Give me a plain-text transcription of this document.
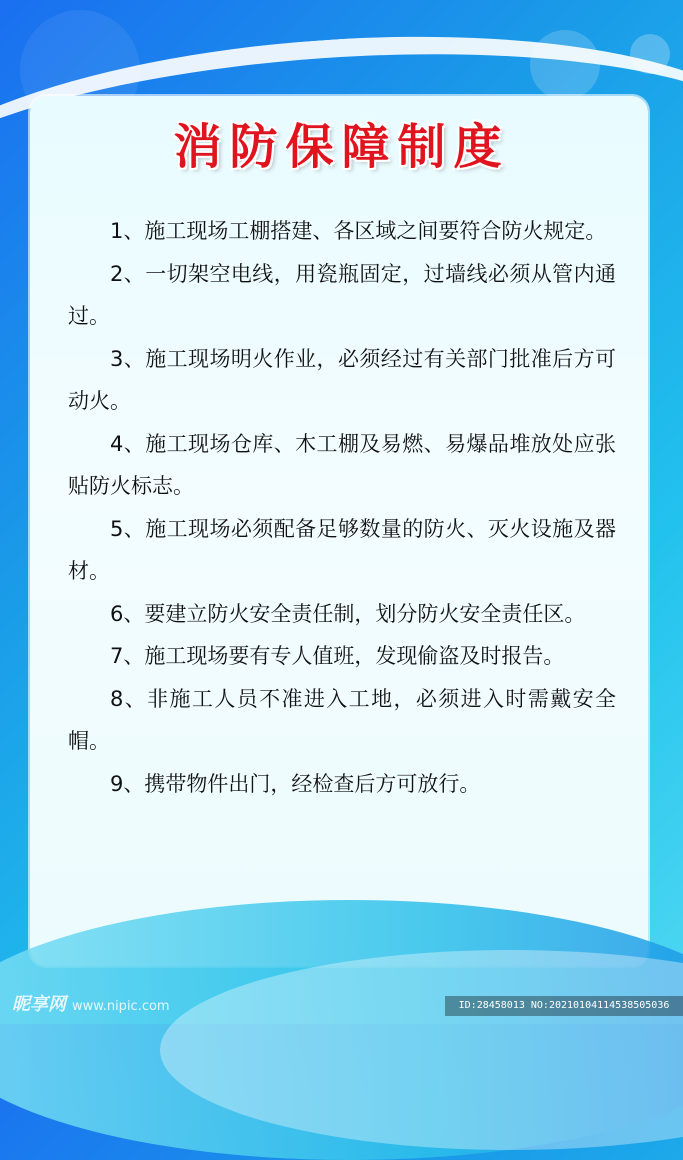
消防保障制度
1、施工现场工棚搭建、各区域之间要符合防火规定。
2、一切架空电线，用瓷瓶固定，过墙线必须从管内通过。
3、施工现场明火作业，必须经过有关部门批准后方可动火。
4、施工现场仓库、木工棚及易燃、易爆品堆放处应张贴防火标志。
5、施工现场必须配备足够数量的防火、灭火设施及器材。
6、要建立防火安全责任制，划分防火安全责任区。
7、施工现场要有专人值班，发现偷盗及时报告。
8、非施工人员不准进入工地，必须进入时需戴安全帽。
9、携带物件出门，经检查后方可放行。
昵享网 www.nipic.com	ID:28458013 NO:20210104114538505036
